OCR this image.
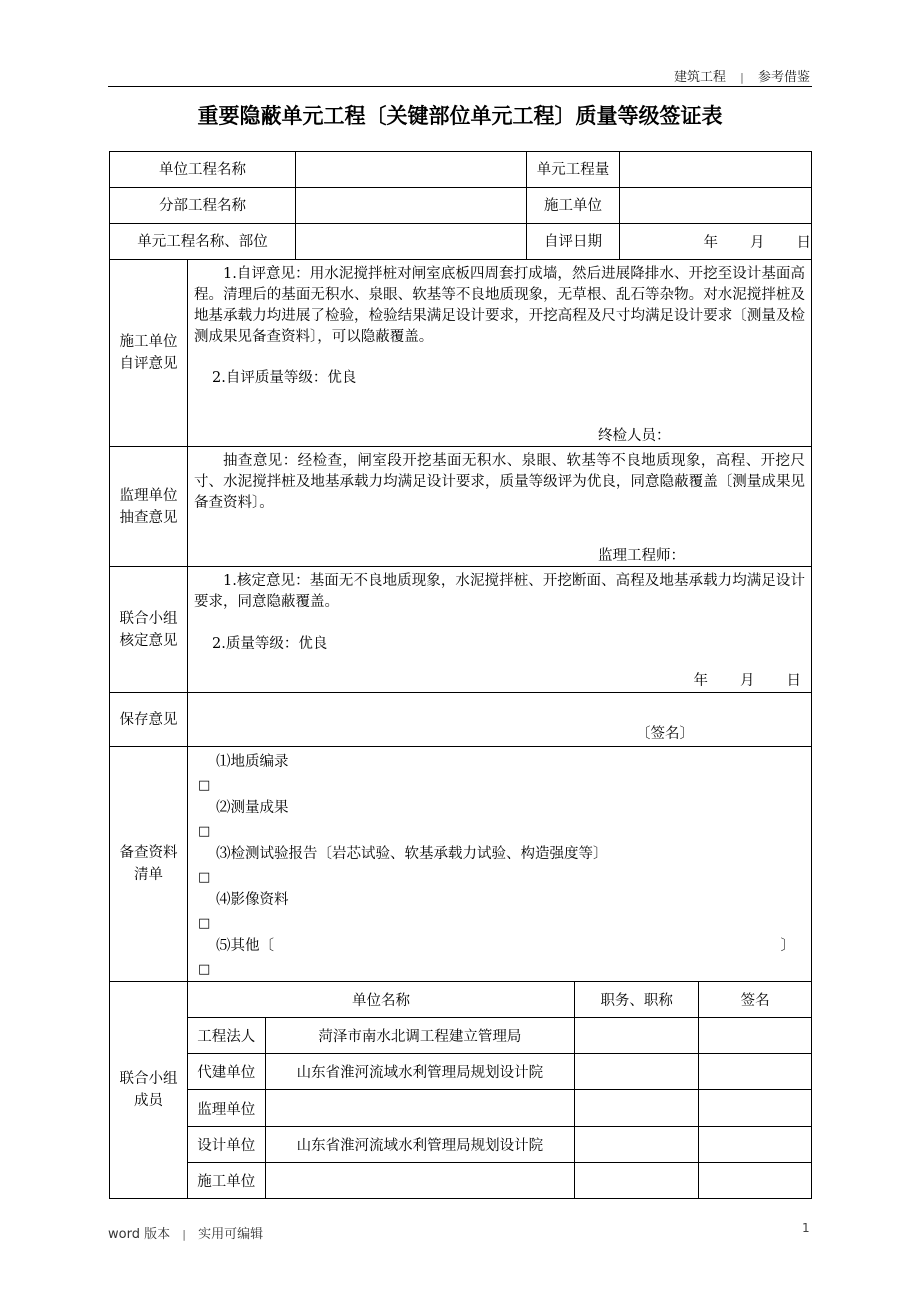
建筑工程 | 参考借鉴
重要隐蔽单元工程〔关键部位单元工程〕质量等级签证表
单位工程名称		单元工程量	
分部工程名称		施工单位	
单元工程名称、部位		自评日期	年 月 日
施工单位自评意见	
1.自评意见：用水泥搅拌桩对闸室底板四周套打成墙，然后进展降排水、开挖至设计基面高程。清理后的基面无积水、泉眼、软基等不良地质现象，无草根、乱石等杂物。对水泥搅拌桩及地基承载力均进展了检验，检验结果满足设计要求，开挖高程及尺寸均满足设计要求〔测量及检测成果见备查资料〕，可以隐蔽覆盖。
2.自评质量等级：优良
终检人员：

监理单位抽查意见	
抽查意见：经检查，闸室段开挖基面无积水、泉眼、软基等不良地质现象，高程、开挖尺寸、水泥搅拌桩及地基承载力均满足设计要求，质量等级评为优良，同意隐蔽覆盖〔测量成果见备查资料〕。
监理工程师：

联合小组核定意见	
1.核定意见：基面无不良地质现象，水泥搅拌桩、开挖断面、高程及地基承载力均满足设计要求，同意隐蔽覆盖。
2.质量等级：优良
年 月 日

保存意见	
〔签名〕

备查资料清单	
⑴地质编录
□
⑵测量成果
□
⑶检测试验报告〔岩芯试验、软基承载力试验、构造强度等〕
□
⑷影像资料
□
⑸其他〔	〕
□

联合小组成员	
单位名称	职务、职称	签名
工程法人	菏泽市南水北调工程建立管理局		
代建单位	山东省淮河流域水利管理局规划设计院		
监理单位			
设计单位	山东省淮河流域水利管理局规划设计院		
施工单位			
word 版本 | 实用可编辑	1
